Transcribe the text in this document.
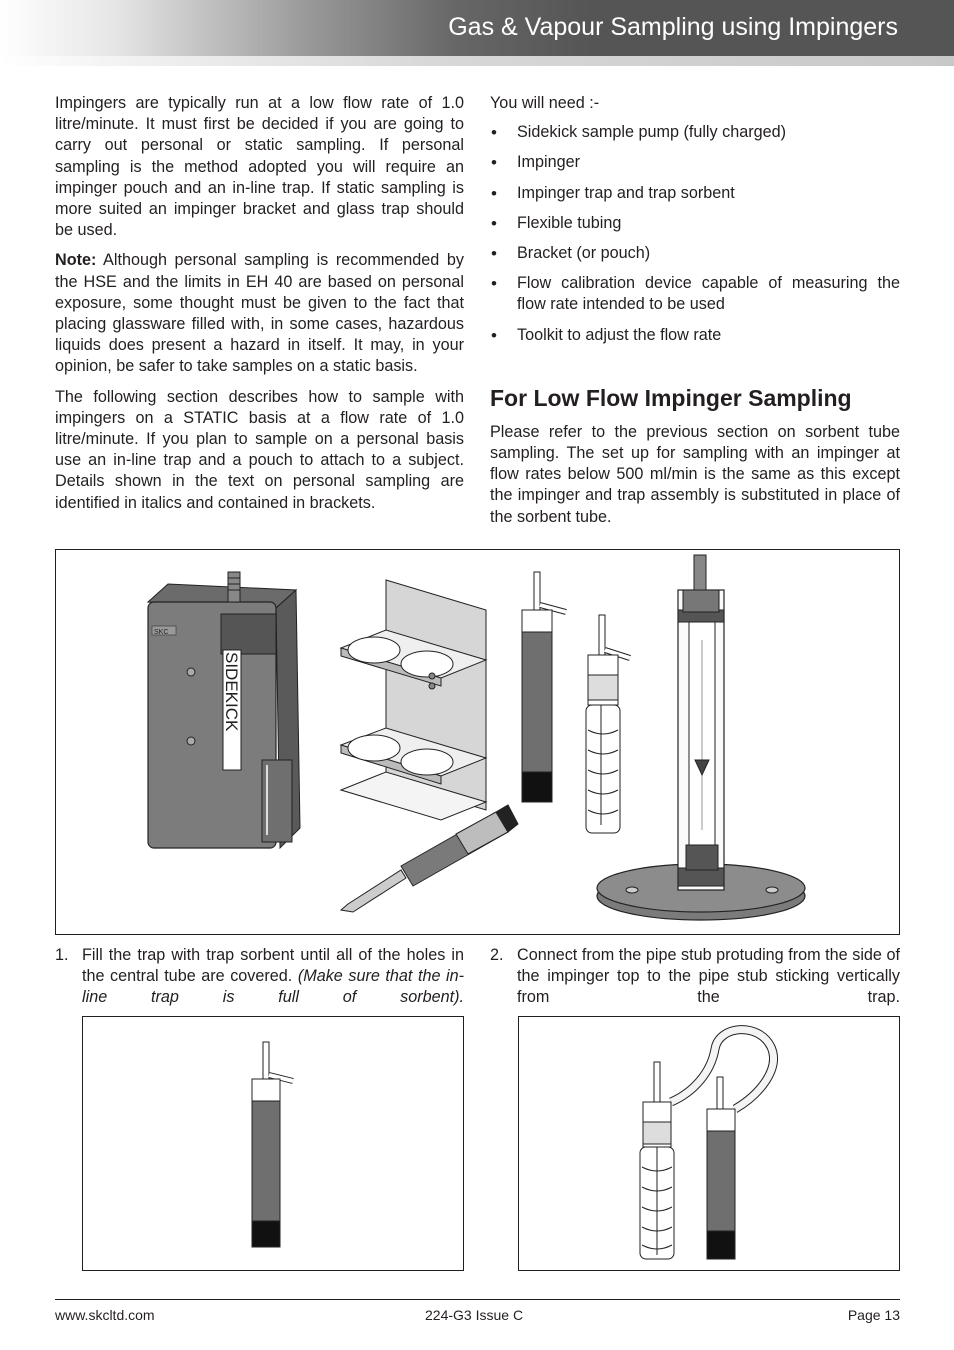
Gas & Vapour Sampling using Impingers

Impingers are typically run at a low flow rate of 1.0 litre/minute. It must first be decided if you are going to carry out personal or static sampling. If personal sampling is the method adopted you will require an impinger pouch and an in-line trap. If static sampling is more suited an impinger bracket and glass trap should be used.

Note: Although personal sampling is recommended by the HSE and the limits in EH 40 are based on personal exposure, some thought must be given to the fact that placing glassware filled with, in some cases, hazardous liquids does present a hazard in itself. It may, in your opinion, be safer to take samples on a static basis.

The following section describes how to sample with impingers on a STATIC basis at a flow rate of 1.0 litre/minute. If you plan to sample on a personal basis use an in-line trap and a pouch to attach to a subject. Details shown in the text on personal sampling are identified in italics and contained in brackets.

You will need :-
• Sidekick sample pump (fully charged)
• Impinger
• Impinger trap and trap sorbent
• Flexible tubing
• Bracket (or pouch)
• Flow calibration device capable of measuring the flow rate intended to be used
• Toolkit to adjust the flow rate
For Low Flow Impinger Sampling

Please refer to the previous section on sorbent tube sampling. The set up for sampling with an impinger at flow rates below 500 ml/min is the same as this except the impinger and trap assembly is substituted in place of the sorbent tube.

SIDEKICK
SKC
1. Fill the trap with trap sorbent until all of the holes in the central tube are covered. (Make sure that the in-line trap is full of sorbent).
2. Connect from the pipe stub protuding from the side of the impinger top to the pipe stub sticking vertically from the trap.
www.skcltd.com	224-G3 Issue C	Page 13
